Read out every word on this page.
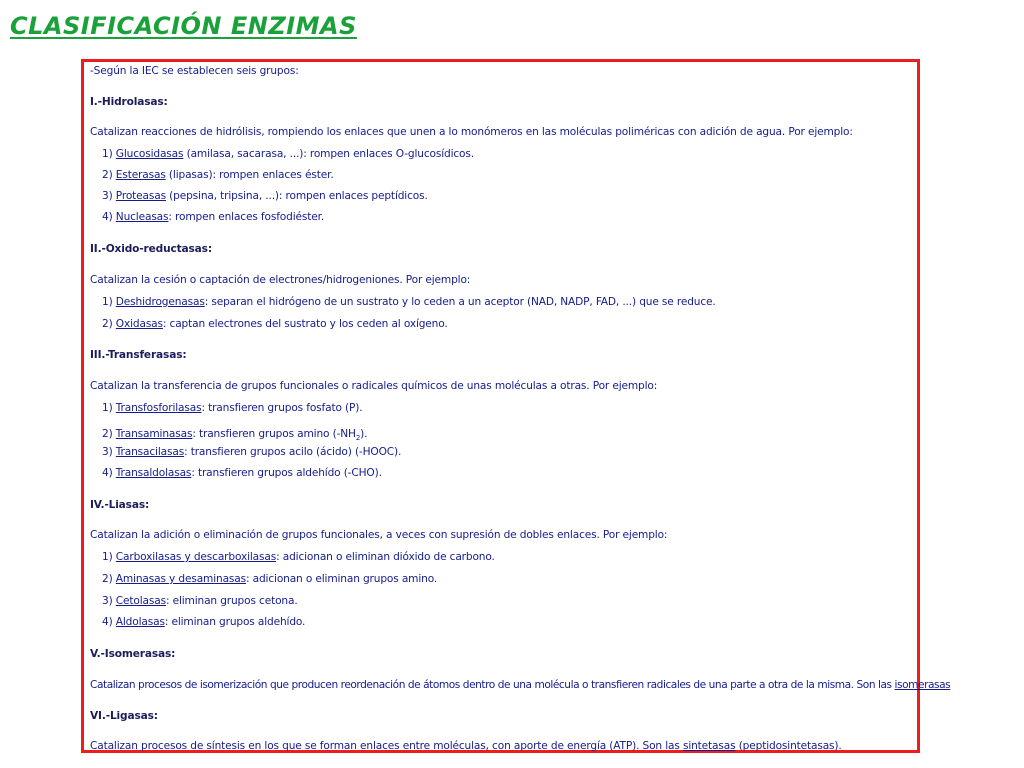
CLASIFICACIÓN ENZIMAS
-Según la IEC se establecen seis grupos:
I.-Hidrolasas:
Catalizan reacciones de hidrólisis, rompiendo los enlaces que unen a lo monómeros en las moléculas poliméricas con adición de agua. Por ejemplo:
1) Glucosidasas (amilasa, sacarasa, ...): rompen enlaces O-glucosídicos.
2) Esterasas (lipasas): rompen enlaces éster.
3) Proteasas (pepsina, tripsina, ...): rompen enlaces peptídicos.
4) Nucleasas: rompen enlaces fosfodiéster.
II.-Oxido-reductasas:
Catalizan la cesión o captación de electrones/hidrogeniones. Por ejemplo:
1) Deshidrogenasas: separan el hidrógeno de un sustrato y lo ceden a un aceptor (NAD, NADP, FAD, ...) que se reduce.
2) Oxidasas: captan electrones del sustrato y los ceden al oxígeno.
III.-Transferasas:
Catalizan la transferencia de grupos funcionales o radicales químicos de unas moléculas a otras. Por ejemplo:
1) Transfosforilasas: transfieren grupos fosfato (P).
2) Transaminasas: transfieren grupos amino $(-NH_2)$.
3) Transacilasas: transfieren grupos acilo (ácido) (-HOOC).
4) Transaldolasas: transfieren grupos aldehído (-CHO).
IV.-Liasas:
Catalizan la adición o eliminación de grupos funcionales, a veces con supresión de dobles enlaces. Por ejemplo:
1) Carboxilasas y descarboxilasas: adicionan o eliminan dióxido de carbono.
2) Aminasas y desaminasas: adicionan o eliminan grupos amino.
3) Cetolasas: eliminan grupos cetona.
4) Aldolasas: eliminan grupos aldehído.
V.-Isomerasas:
Catalizan procesos de isomerización que producen reordenación de átomos dentro de una molécula o transfieren radicales de una parte a otra de la misma. Son las isomerasas
VI.-Ligasas:
Catalizan procesos de síntesis en los que se forman enlaces entre moléculas, con aporte de energía (ATP). Son las sintetasas (peptidosintetasas).
